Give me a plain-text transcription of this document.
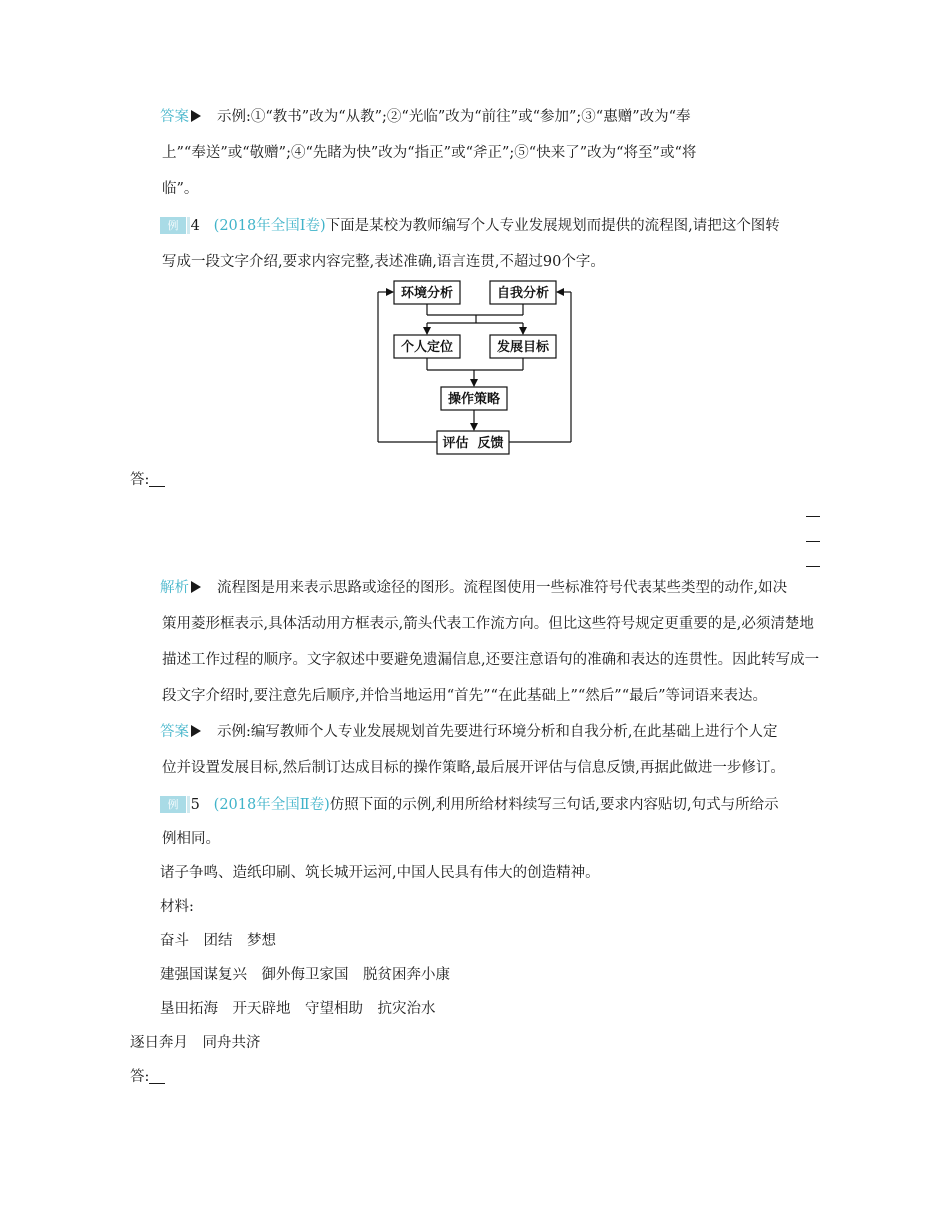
答案 示例:①“教书”改为“从教”;②“光临”改为“前往”或“参加”;③“惠赠”改为“奉
上”“奉送”或“敬赠”;④“先睹为快”改为“指正”或“斧正”;⑤“快来了”改为“将至”或“将
临”。
例 4 (2018年全国Ⅰ卷)下面是某校为教师编写个人专业发展规划而提供的流程图,请把这个图转
写成一段文字介绍,要求内容完整,表述准确,语言连贯,不超过90个字。
环境分析	自我分析
个人定位	发展目标
操作策略
评估  反馈
答:
解析 流程图是用来表示思路或途径的图形。流程图使用一些标准符号代表某些类型的动作,如决
策用菱形框表示,具体活动用方框表示,箭头代表工作流方向。但比这些符号规定更重要的是,必须清楚地
描述工作过程的顺序。文字叙述中要避免遗漏信息,还要注意语句的准确和表达的连贯性。因此转写成一
段文字介绍时,要注意先后顺序,并恰当地运用“首先”“在此基础上”“然后”“最后”等词语来表达。
答案 示例:编写教师个人专业发展规划首先要进行环境分析和自我分析,在此基础上进行个人定
位并设置发展目标,然后制订达成目标的操作策略,最后展开评估与信息反馈,再据此做进一步修订。
例 5 (2018年全国Ⅱ卷)仿照下面的示例,利用所给材料续写三句话,要求内容贴切,句式与所给示
例相同。
诸子争鸣、造纸印刷、筑长城开运河,中国人民具有伟大的创造精神。
材料:
奋斗　团结　梦想
建强国谋复兴　御外侮卫家国　脱贫困奔小康
垦田拓海　开天辟地　守望相助　抗灾治水
逐日奔月　同舟共济
答:
